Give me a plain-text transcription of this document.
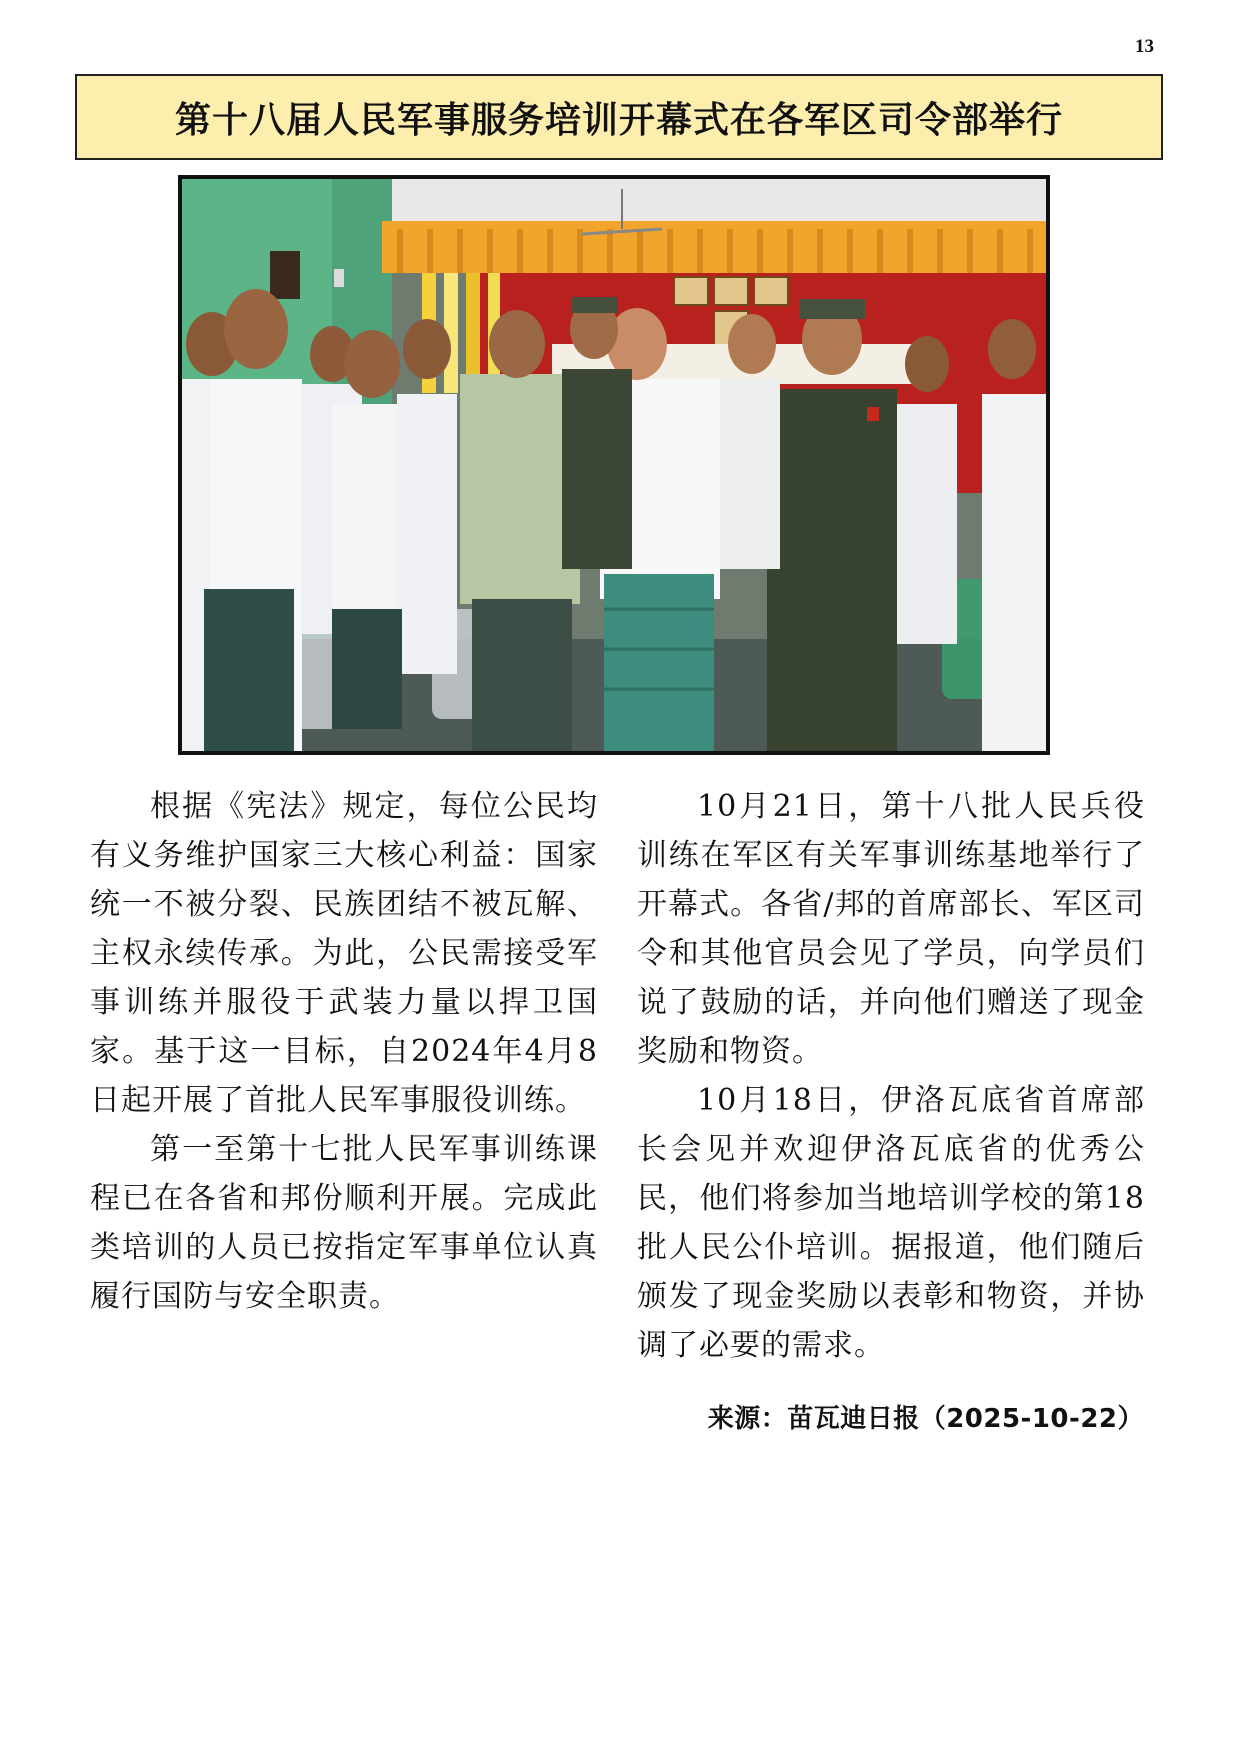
13
第十八届人民军事服务培训开幕式在各军区司令部举行

根据《宪法》规定，每位公民均有义务维护国家三大核心利益：国家统一不被分裂、民族团结不被瓦解、主权永续传承。为此，公民需接受军事训练并服役于武装力量以捍卫国家。基于这一目标，自2024年4月8日起开展了首批人民军事服役训练。

第一至第十七批人民军事训练课程已在各省和邦份顺利开展。完成此类培训的人员已按指定军事单位认真履行国防与安全职责。

10月21日，第十八批人民兵役训练在军区有关军事训练基地举行了开幕式。各省/邦的首席部长、军区司令和其他官员会见了学员，向学员们说了鼓励的话，并向他们赠送了现金奖励和物资。

10月18日，伊洛瓦底省首席部长会见并欢迎伊洛瓦底省的优秀公民，他们将参加当地培训学校的第18批人民公仆培训。据报道，他们随后颁发了现金奖励以表彰和物资，并协调了必要的需求。

来源：苗瓦迪日报（2025-10-22）
